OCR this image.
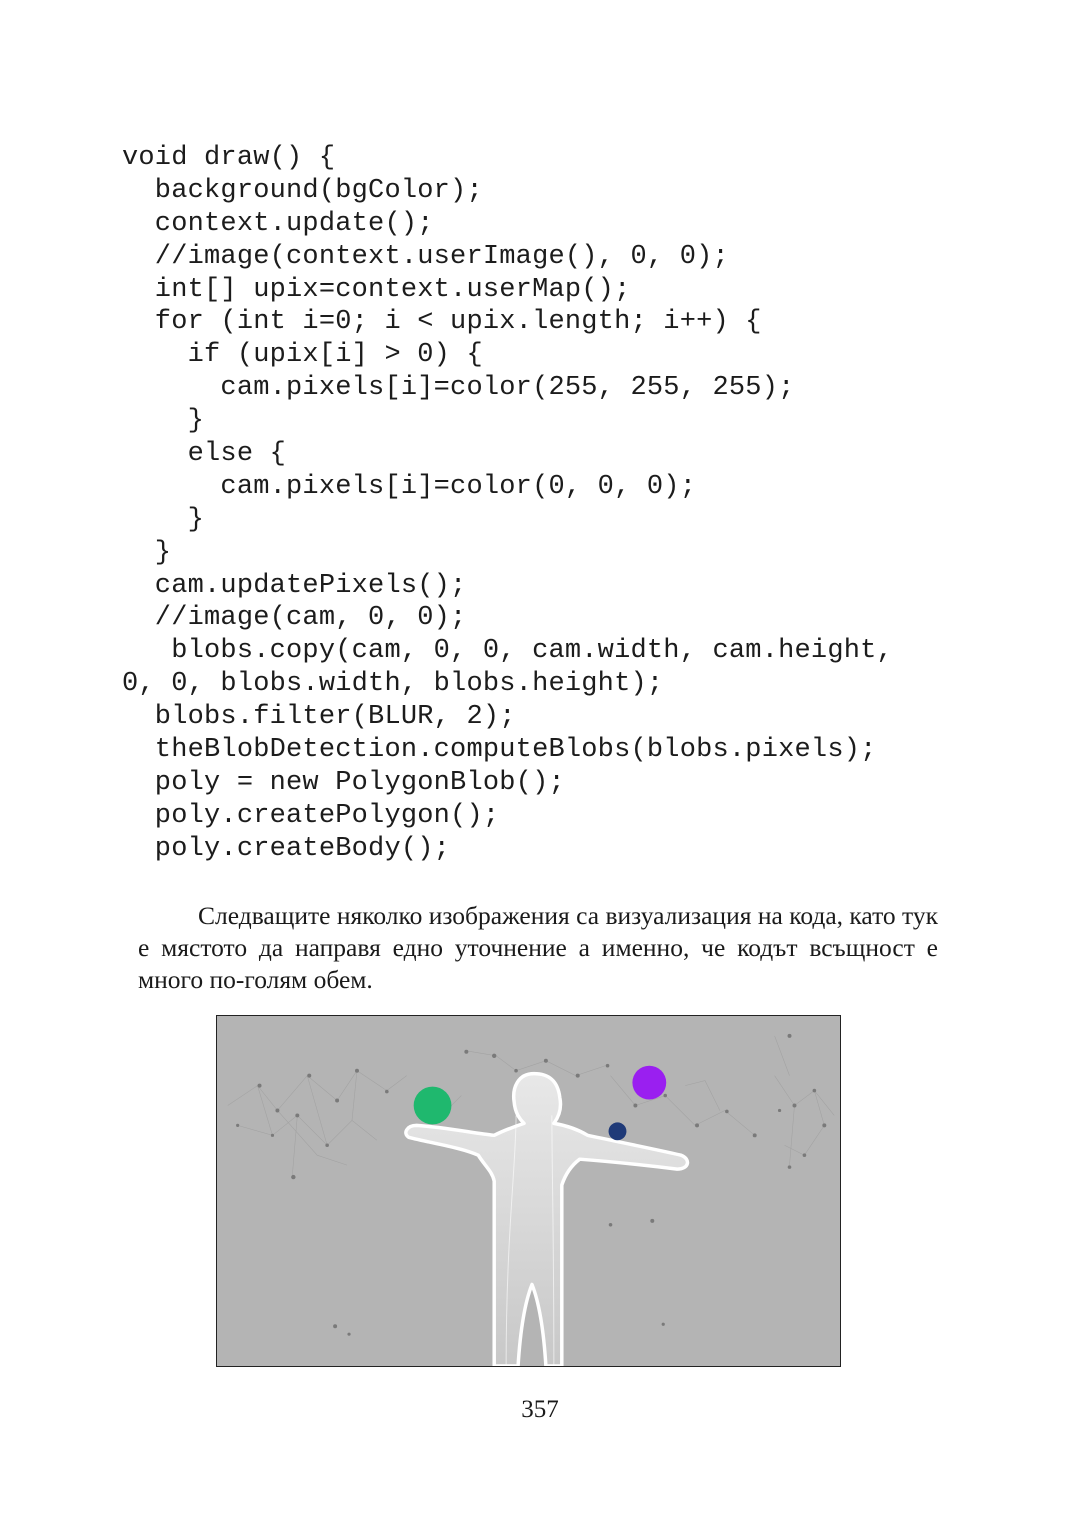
void draw() {
background(bgColor);
context.update();
//image(context.userImage(), 0, 0);
int[] upix=context.userMap();
for (int i=0; i < upix.length; i++) {
if (upix[i] > 0) {
cam.pixels[i]=color(255, 255, 255);
}
else {
cam.pixels[i]=color(0, 0, 0);
}
}
cam.updatePixels();
//image(cam, 0, 0);
blobs.copy(cam, 0, 0, cam.width, cam.height,
0, 0, blobs.width, blobs.height);
blobs.filter(BLUR, 2);
theBlobDetection.computeBlobs(blobs.pixels);
poly = new PolygonBlob();
poly.createPolygon();
poly.createBody();

Следващите няколко изображения са визуализация на кода, като тук е мястото да направя едно уточнение а именно, че кодът всъщност е много по-голям обем.

357
